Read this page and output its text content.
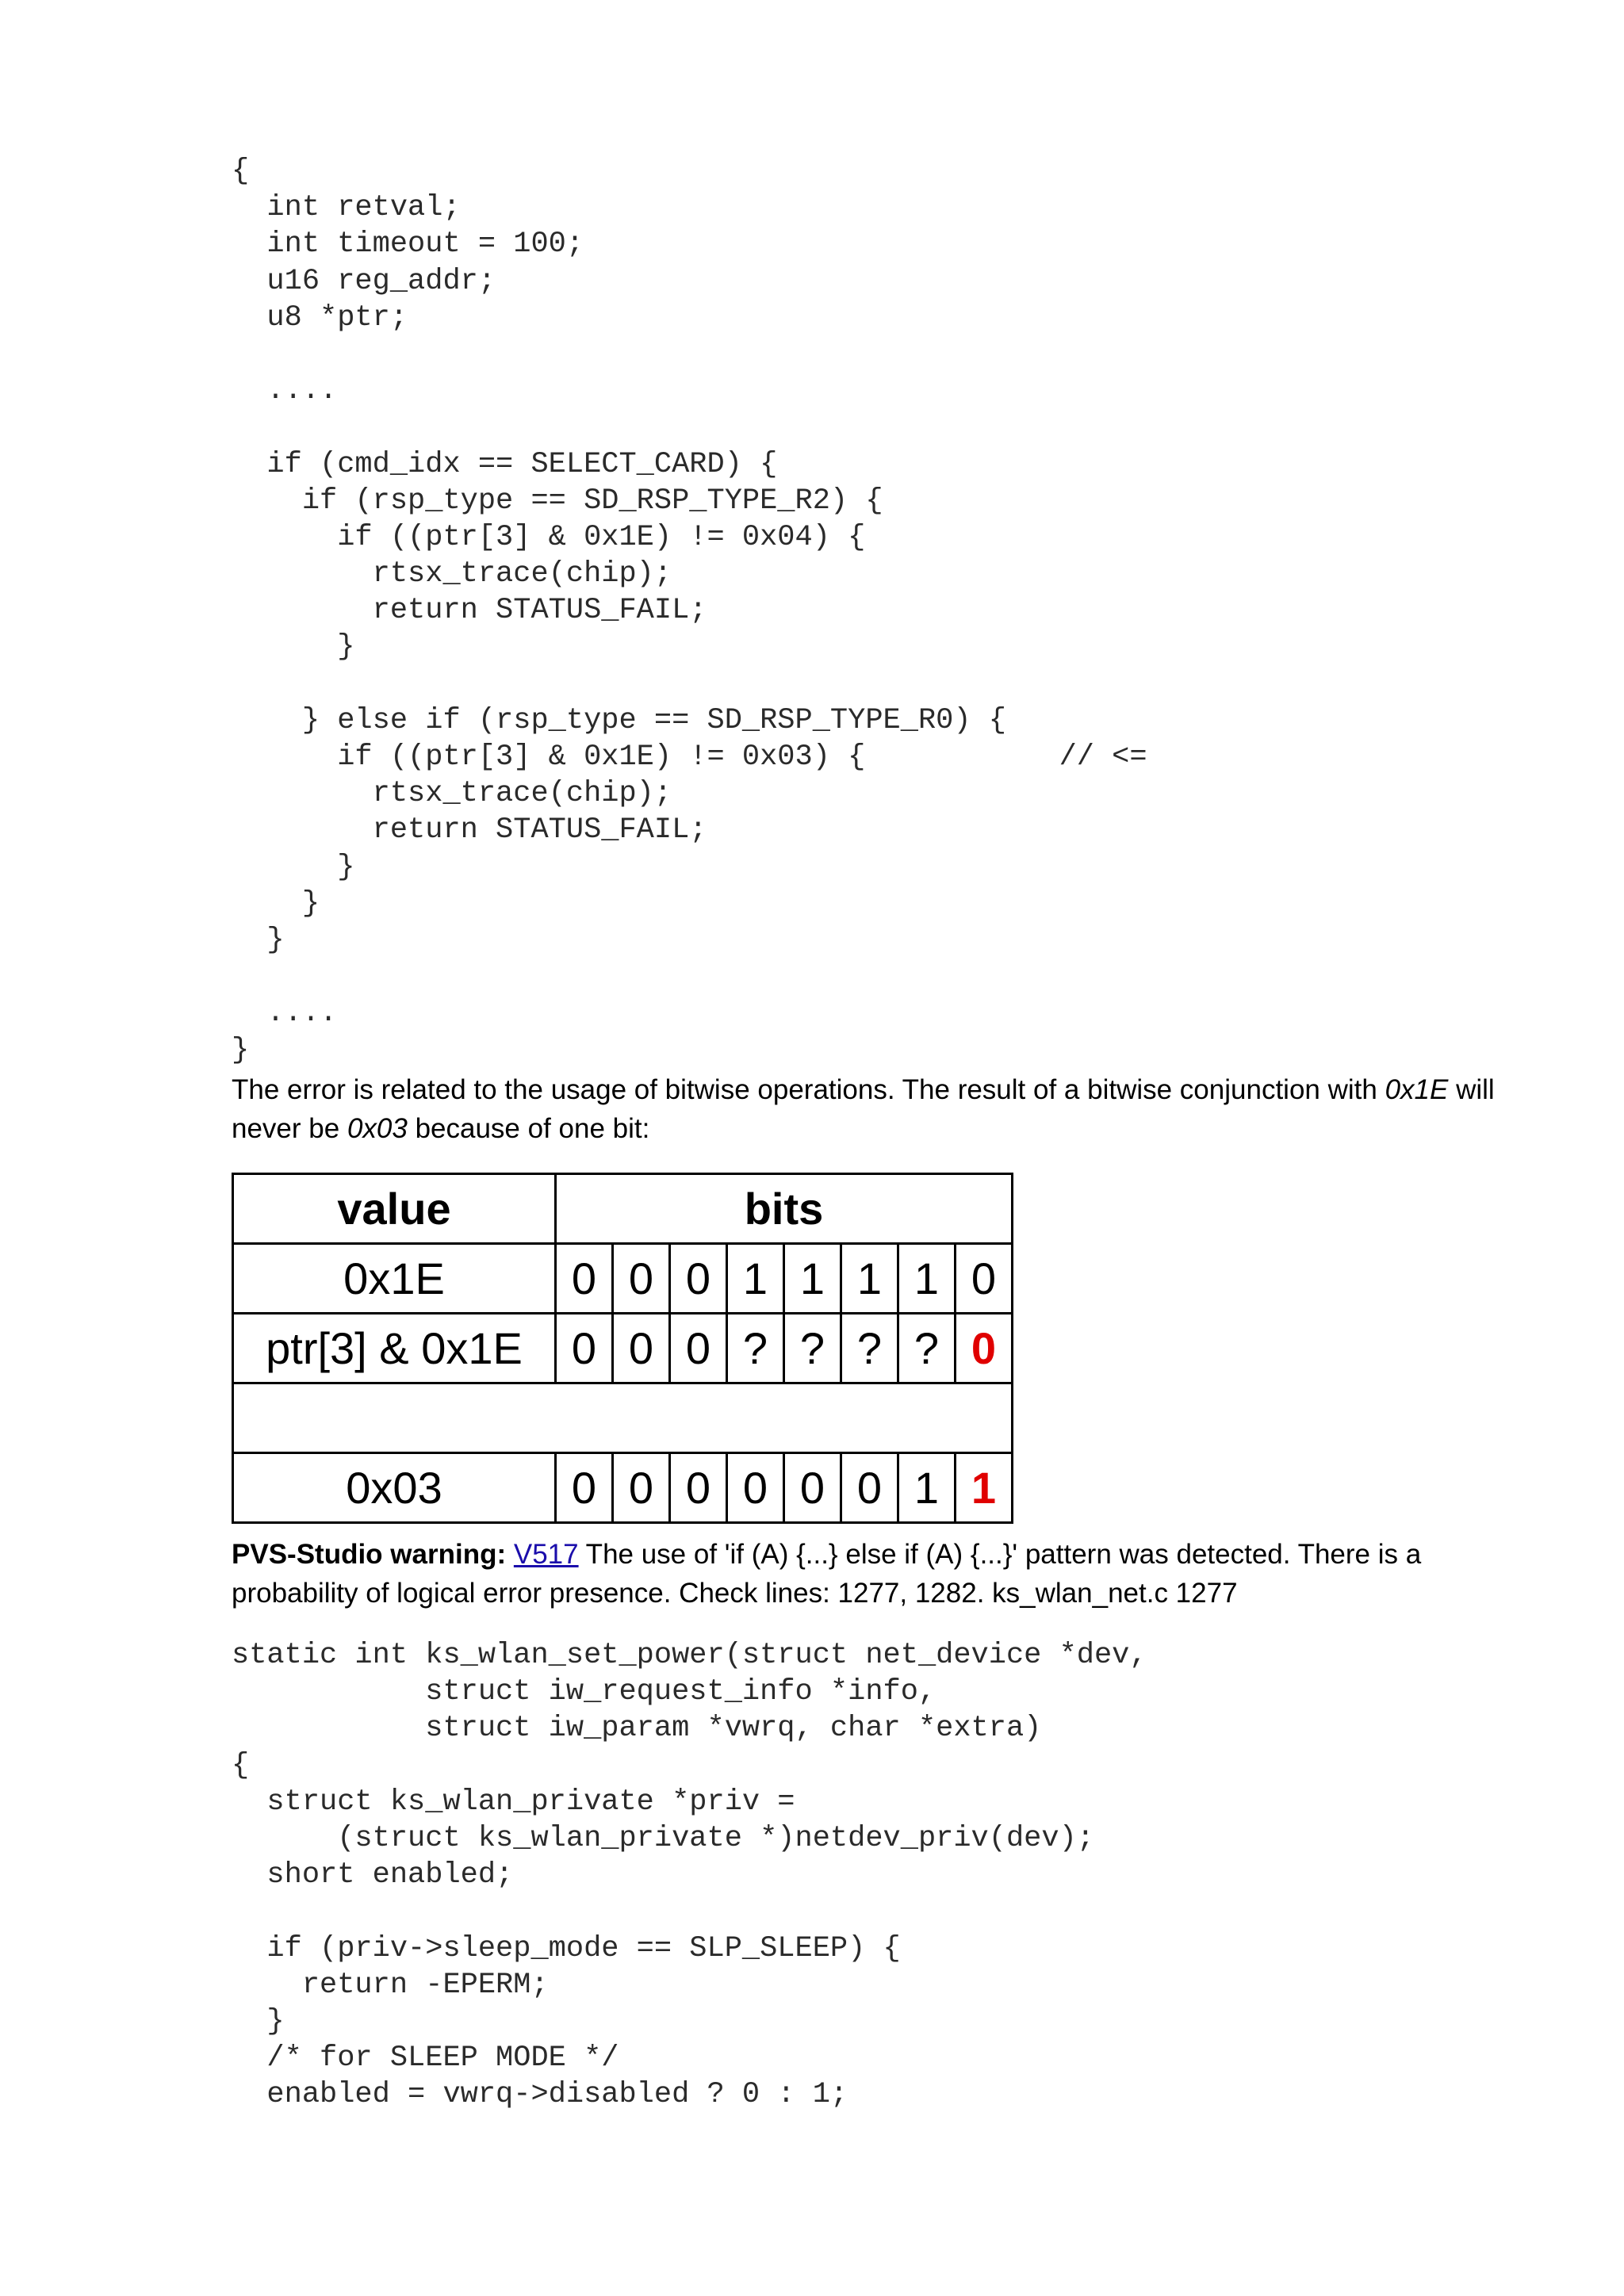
{
int retval;
int timeout = 100;
u16 reg_addr;
u8 *ptr;

....

if (cmd_idx == SELECT_CARD) {
if (rsp_type == SD_RSP_TYPE_R2) {
if ((ptr[3] & 0x1E) != 0x04) {
rtsx_trace(chip);
return STATUS_FAIL;
}

} else if (rsp_type == SD_RSP_TYPE_R0) {
if ((ptr[3] & 0x1E) != 0x03) {           // <=
rtsx_trace(chip);
return STATUS_FAIL;
}
}
}

....
}

The error is related to the usage of bitwise operations. The result of a bitwise conjunction with 0x1E will never be 0x03 because of one bit:

value	bits							
0x1E	0	0	0	1	1	1	1	0
ptr[3] & 0x1E	0	0	0	?	?	?	?	0

0x03	0	0	0	0	0	0	1	1

PVS-Studio warning: V517 The use of 'if (A) {...} else if (A) {...}' pattern was detected. There is a probability of logical error presence. Check lines: 1277, 1282. ks_wlan_net.c 1277

static int ks_wlan_set_power(struct net_device *dev,
struct iw_request_info *info,
struct iw_param *vwrq, char *extra)
{
struct ks_wlan_private *priv =
(struct ks_wlan_private *)netdev_priv(dev);
short enabled;

if (priv->sleep_mode == SLP_SLEEP) {
return -EPERM;
}
/* for SLEEP MODE */
enabled = vwrq->disabled ? 0 : 1;
